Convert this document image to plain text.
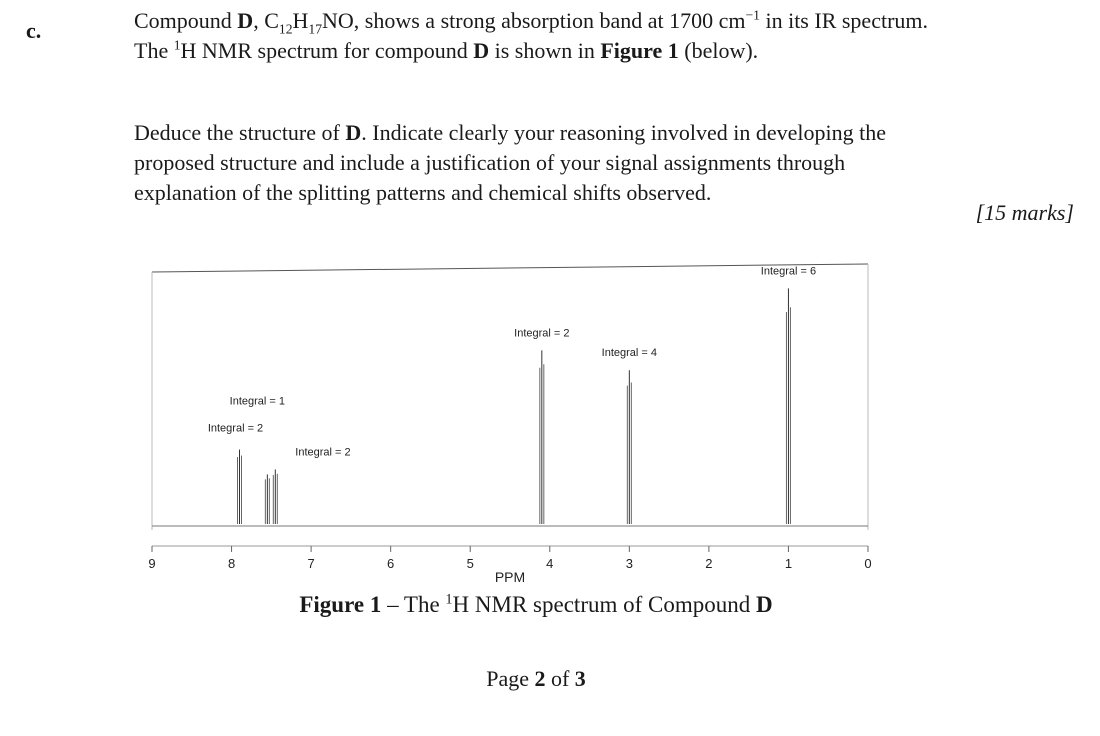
c.	Compound D, $C_{12}H_{17}NO$, shows a strong absorption band at 1700 $cm^{-1}$ in its IR spectrum. The $^1$H NMR spectrum for compound D is shown in Figure 1 (below).
Deduce the structure of D. Indicate clearly your reasoning involved in developing the proposed structure and include a justification of your signal assignments through explanation of the splitting patterns and chemical shifts observed.
[15 marks]
9	8	7	6	5	4	3	2	1	0
PPM
Integral = 2
Integral = 1
Integral = 2
Integral = 2
Integral = 4
Integral = 6
Figure 1 – The $^1$H NMR spectrum of Compound D
Page 2 of 3
